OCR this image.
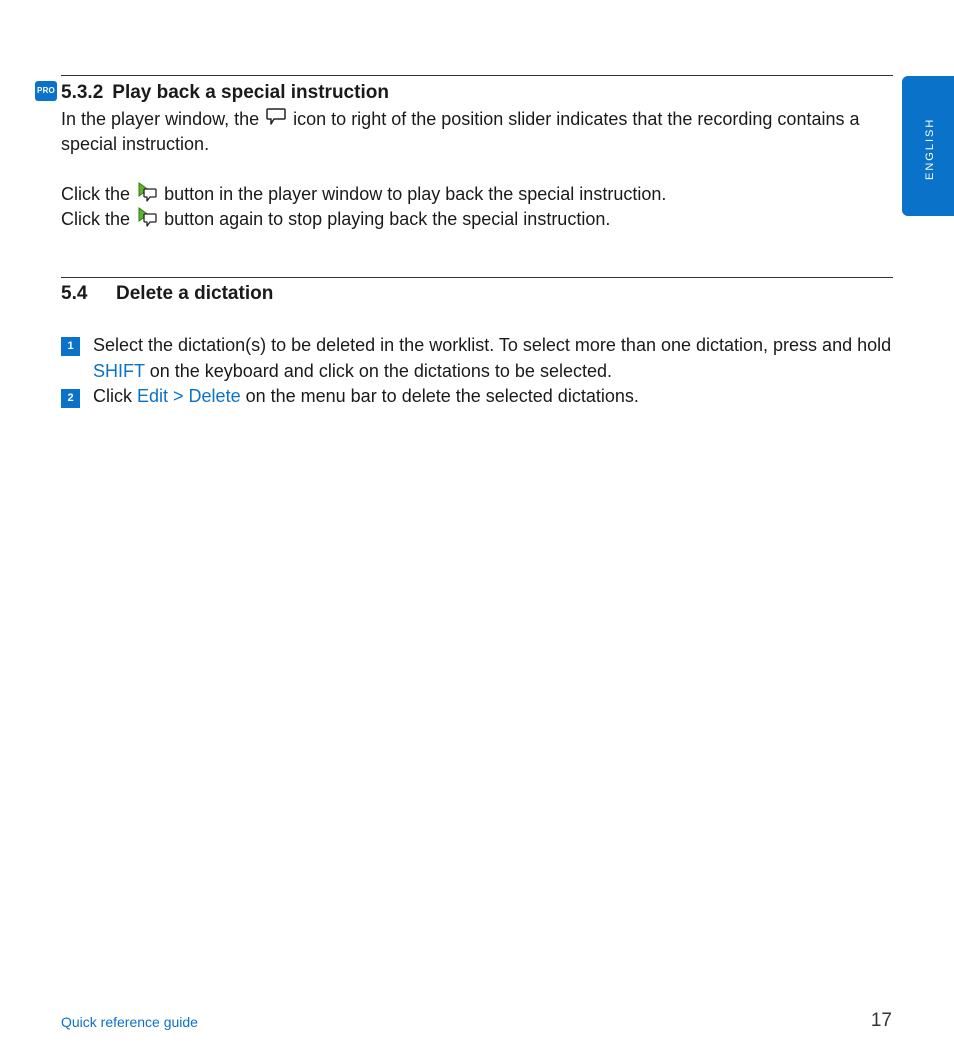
PRO 5.3.2 Play back a special instruction
In the player window, the icon to right of the position slider indicates that the recording contains a special instruction.
Click the button in the player window to play back the special instruction.
Click the button again to stop playing back the special instruction.
5.4 Delete a dictation
1	Select the dictation(s) to be deleted in the worklist. To select more than one dictation, press and hold SHIFT on the keyboard and click on the dictations to be selected.
2	Click Edit > Delete on the menu bar to delete the selected dictations.
ENGLISH
Quick reference guide	17
